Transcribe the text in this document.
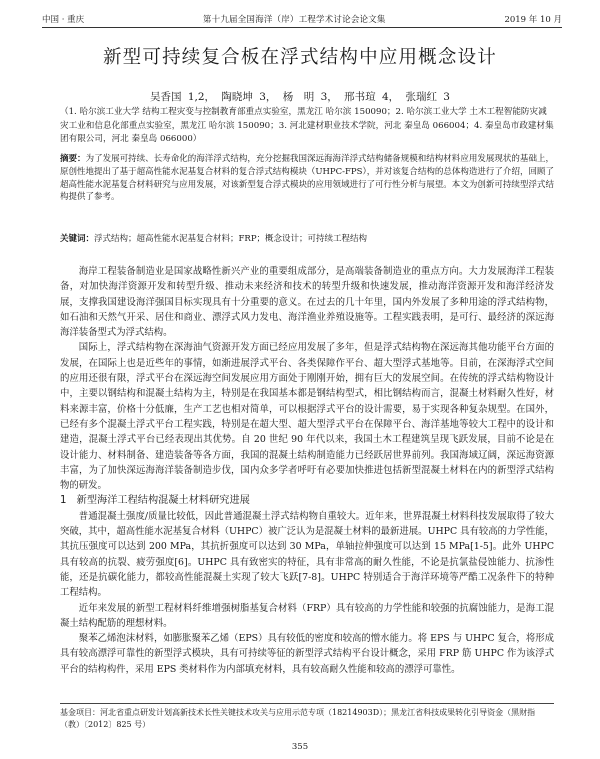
中国 · 重庆	第十九届全国海洋（岸）工程学术讨论会论文集	2019 年 10 月
新型可持续复合板在浮式结构中应用概念设计
吴香国 1,2， 陶晓坤 3， 杨　明 3， 邢书瑄 4， 张瑞红 3
（1. 哈尔滨工业大学 结构工程灾变与控制教育部重点实验室，黑龙江 哈尔滨 150090；2. 哈尔滨工业大学 土木工程智能防灾减灾工业和信息化部重点实验室，黑龙江 哈尔滨 150090；3. 河北建材职业技术学院，河北 秦皇岛 066004；4. 秦皇岛市政建材集团有限公司，河北 秦皇岛 066000）
摘要：为了发展可持续、长寿命化的海洋浮式结构，充分挖掘我国深远海海洋浮式结构储备规模和结构材料应用发展现状的基础上，原创性地提出了基于超高性能水泥基复合材料的复合浮式结构模块（UHPC-FPS），并对该复合结构的总体构造进行了介绍，回顾了超高性能水泥基复合材料研究与应用发展，对该新型复合浮式模块的应用领域进行了可行性分析与展望。本文为创新可持续型浮式结构提供了参考。
关键词：浮式结构；超高性能水泥基复合材料；FRP；概念设计；可持续工程结构

海岸工程装备制造业是国家战略性新兴产业的重要组成部分，是高端装备制造业的重点方向。大力发展海洋工程装备，对加快海洋资源开发和转型升级、推动未来经济和技术的转型升级和快速发展，推动海洋资源开发和海洋经济发展，支撑我国建设海洋强国目标实现具有十分重要的意义。在过去的几十年里，国内外发展了多种用途的浮式结构物，如石油和天然气开采、居住和商业、漂浮式风力发电、海洋渔业养殖设施等。工程实践表明，是可行、最经济的深远海海洋装备型式为浮式结构。

国际上，浮式结构物在深海油气资源开发方面已经应用发展了多年，但是浮式结构物在深远海其他功能平台方面的发展，在国际上也是近些年的事情，如渐进展浮式平台、各类保障作平台、超大型浮式基地等。目前，在深海浮式空间的应用还很有限，浮式平台在深远海空间发展应用方面处于刚刚开始，拥有巨大的发展空间。在传统的浮式结构物设计中，主要以钢结构和混凝土结构为主，特别是在我国基本都是钢结构型式，相比钢结构而言，混凝土材料耐久性好，材料来源丰富，价格十分低廉，生产工艺也相对简单，可以根据浮式平台的设计需要，易于实现各种复杂规型。在国外，已经有多个混凝土浮式平台工程实践，特别是在超大型、超大型浮式平台在保障平台、海洋基地等较大工程中的设计和建造，混凝土浮式平台已经表现出其优势。自 20 世纪 90 年代以来，我国土木工程建筑呈现飞跃发展，目前不论是在设计能力、材料制备、建造装备等各方面，我国的混凝土结构制造能力已经跃居世界前列。我国海域辽阔，深远海资源丰富，为了加快深远海海洋装备制造步伐，国内众多学者呼吁有必要加快推进包括新型混凝土材料在内的新型浮式结构物的研发。

1　新型海洋工程结构混凝土材料研究进展

普通混凝土强度/质量比较低，因此普通混凝土浮式结构物自重较大。近年来，世界混凝土材料科技发展取得了较大突破，其中，超高性能水泥基复合材料（UHPC）被广泛认为是混凝土材料的最新进展。UHPC 具有较高的力学性能，其抗压强度可以达到 200 MPa，其抗折强度可以达到 30 MPa，单轴拉伸强度可以达到 15 MPa[1-5]。此外 UHPC 具有较高的抗裂、疲劳强度[6]。UHPC 具有致密实的特征，具有非常高的耐久性能，不论是抗氯盐侵蚀能力、抗渗性能，还是抗碳化能力，都较高性能混凝土实现了较大飞跃[7-8]。UHPC 特别适合于海洋环境等严酷工况条件下的特种工程结构。

近年来发展的新型工程材料纤维增强树脂基复合材料（FRP）具有较高的力学性能和较强的抗腐蚀能力，是海工混凝土结构配筋的理想材料。

聚苯乙烯泡沫材料，如膨胀聚苯乙烯（EPS）具有较低的密度和较高的憎水能力。将 EPS 与 UHPC 复合，将形成具有较高漂浮可靠性的新型浮式模块，具有可持续等征的新型浮式结构平台设计概念，采用 FRP 筋 UHPC 作为该浮式平台的结构构件，采用 EPS 类材料作为内部填充材料，具有较高耐久性能和较高的漂浮可靠性。

基金项目：河北省重点研发计划高新技术长性关键技术攻关与应用示范专项（18214903D）；黑龙江省科技成果转化引导资金（黑财指（教）〔2012〕825 号）
355
